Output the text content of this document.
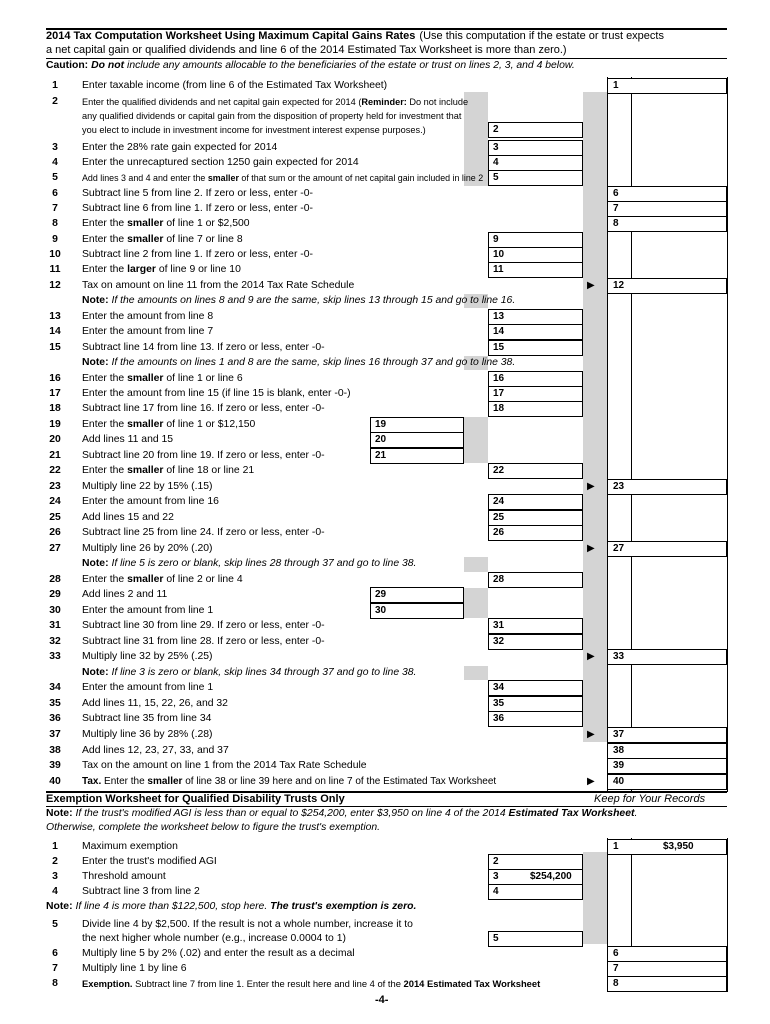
2014 Tax Computation Worksheet Using Maximum Capital Gains Rates (Use this computation if the estate or trust expects
a net capital gain or qualified dividends and line 6 of the 2014 Estimated Tax Worksheet is more than zero.)
Caution: Do not include any amounts allocable to the beneficiaries of the estate or trust on lines 2, 3, and 4 below.
1	Enter taxable income (from line 6 of the Estimated Tax Worksheet)	1
2	Enter the qualified dividends and net capital gain expected for 2014 (Reminder: Do not include
any qualified dividends or capital gain from the disposition of property held for investment that
you elect to include in investment income for investment interest expense purposes.)	2
3	Enter the 28% rate gain expected for 2014	3
4	Enter the unrecaptured section 1250 gain expected for 2014	4
5	Add lines 3 and 4 and enter the smaller of that sum or the amount of net capital gain included in line 2 5
6	Subtract line 5 from line 2. If zero or less, enter -0-	6
7	Subtract line 6 from line 1. If zero or less, enter -0-	7
8	Enter the smaller of line 1 or $2,500	8
9	Enter the smaller of line 7 or line 8	9
10	Subtract line 2 from line 1. If zero or less, enter -0-	10
11	Enter the larger of line 9 or line 10	11
12	Tax on amount on line 11 from the 2014 Tax Rate Schedule	12
▶
Note: If the amounts on lines 8 and 9 are the same, skip lines 13 through 15 and go to line 16.
13	Enter the amount from line 8	13
14	Enter the amount from line 7	14
15	Subtract line 14 from line 13. If zero or less, enter -0-	15
Note: If the amounts on lines 1 and 8 are the same, skip lines 16 through 37 and go to line 38.
16	Enter the smaller of line 1 or line 6	16
17	Enter the amount from line 15 (if line 15 is blank, enter -0-)	17
18	Subtract line 17 from line 16. If zero or less, enter -0-	18
19	Enter the smaller of line 1 or $12,150	19
20	Add lines 11 and 15	20
21	Subtract line 20 from line 19. If zero or less, enter -0-	21
22	Enter the smaller of line 18 or line 21	22
23	Multiply line 22 by 15% (.15)	23
▶
24	Enter the amount from line 16	24
25	Add lines 15 and 22	25
26	Subtract line 25 from line 24. If zero or less, enter -0-	26
27	Multiply line 26 by 20% (.20)	27
▶
Note: If line 5 is zero or blank, skip lines 28 through 37 and go to line 38.
28	Enter the smaller of line 2 or line 4	28
29	Add lines 2 and 11	29
30	Enter the amount from line 1	30
31	Subtract line 30 from line 29. If zero or less, enter -0-	31
32	Subtract line 31 from line 28. If zero or less, enter -0-	32
33	Multiply line 32 by 25% (.25)	33
▶
Note: If line 3 is zero or blank, skip lines 34 through 37 and go to line 38.
34	Enter the amount from line 1	34
35	Add lines 11, 15, 22, 26, and 32	35
36	Subtract line 35 from line 34	36
37	Multiply line 36 by 28% (.28)	37
▶
38	Add lines 12, 23, 27, 33, and 37	38
39	Tax on the amount on line 1 from the 2014 Tax Rate Schedule	39
40	Tax. Enter the smaller of line 38 or line 39 here and on line 7 of the Estimated Tax Worksheet	40
▶
Exemption Worksheet for Qualified Disability Trusts Only	Keep for Your Records
Note: If the trust's modified AGI is less than or equal to $254,200, enter $3,950 on line 4 of the 2014 Estimated Tax Worksheet.
Otherwise, complete the worksheet below to figure the trust's exemption.
1	Maximum exemption	1	$3,950
2	Enter the trust's modified AGI	2
3	Threshold amount	3	$254,200
4	Subtract line 3 from line 2	4
Note: If line 4 is more than $122,500, stop here. The trust's exemption is zero.
5	Divide line 4 by $2,500. If the result is not a whole number, increase it to
the next higher whole number (e.g., increase 0.0004 to 1)	5
6	Multiply line 5 by 2% (.02) and enter the result as a decimal	6
7	Multiply line 1 by line 6	7
8	Exemption. Subtract line 7 from line 1. Enter the result here and line 4 of the 2014 Estimated Tax Worksheet	8
-4-
